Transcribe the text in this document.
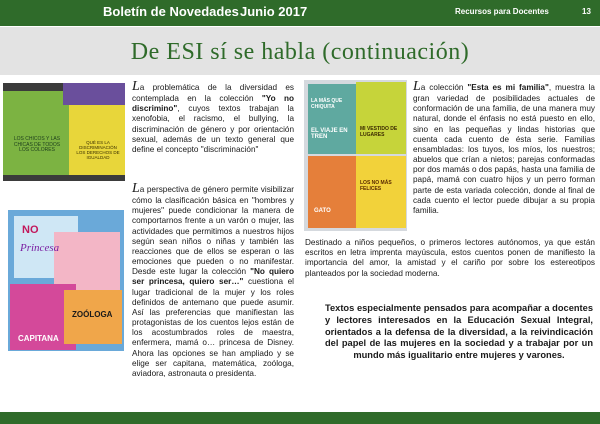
Boletín de Novedades Junio 2017	Recursos para Docentes	13
De ESI sí se habla (continuación)
LOS CHICOS Y LAS CHICAS DE TODOS LOS COLORES
QUÉ ES LA DISCRIMINACIÓN LOS DERECHOS DE IGUALDAD
NO
Princesa
ZOÓLOGA
CAPITANA
LA MÁS QUE CHIQUITA
EL VIAJE EN TREN
MI VESTIDO DE LUGARES
GATO
LOS NO MÁS FELICES

La problemática de la diversidad es contemplada en la colección "Yo no discrimino", cuyos textos trabajan la xenofobia, el racismo, el bullying, la discriminación de género y por orientación sexual, además de un texto general que define el concepto "discriminación"

La perspectiva de género permite visibilizar cómo la clasificación básica en "hombres y mujeres" puede condicionar la manera de comportarnos frente a un varón o mujer, las actividades que permitimos a nuestros hijos según sean niños o niñas y también las reacciones que de ellos se esperan o las emociones que pueden o no manifestar. Desde este lugar la colección "No quiero ser princesa, quiero ser…" cuestiona el lugar tradicional de la mujer y los roles definidos de antemano que puede asumir. Así las preferencias que manifiestan las protagonistas de los cuentos lejos están de los acostumbrados roles de maestra, enfermera, mamá o… princesa de Disney. Ahora las opciones se han ampliado y se elige ser capitana, matemática, zoóloga, aviadora, astronauta o presidenta.

La colección "Esta es mi familia", muestra la gran variedad de posibilidades actuales de conformación de una familia, de una manera muy natural, donde el énfasis no está puesto en ello, sino en las pequeñas y lindas historias que cuenta cada cuento de ésta serie. Familias ensambladas: los tuyos, los míos, los nuestros; abuelos que crían a nietos; parejas conformadas por dos mamás o dos papás, hasta una familia de papá, mamá con cuatro hijos y un perro forman parte de esta variada colección, donde al final de cada cuento el lector puede dibujar a su propia familia.

Destinado a niños pequeños, o primeros lectores autónomos, ya que están escritos en letra imprenta mayúscula, estos cuentos ponen de manifiesto la importancia del amor, la amistad y el cariño por sobre los estereotipos planteados por la sociedad moderna.

Textos especialmente pensados para acompañar a docentes y lectores interesados en la Educación Sexual Integral, orientados a la defensa de la diversidad, a la reivindicación del papel de las mujeres en la sociedad y a trabajar por un mundo más igualitario entre mujeres y varones.
